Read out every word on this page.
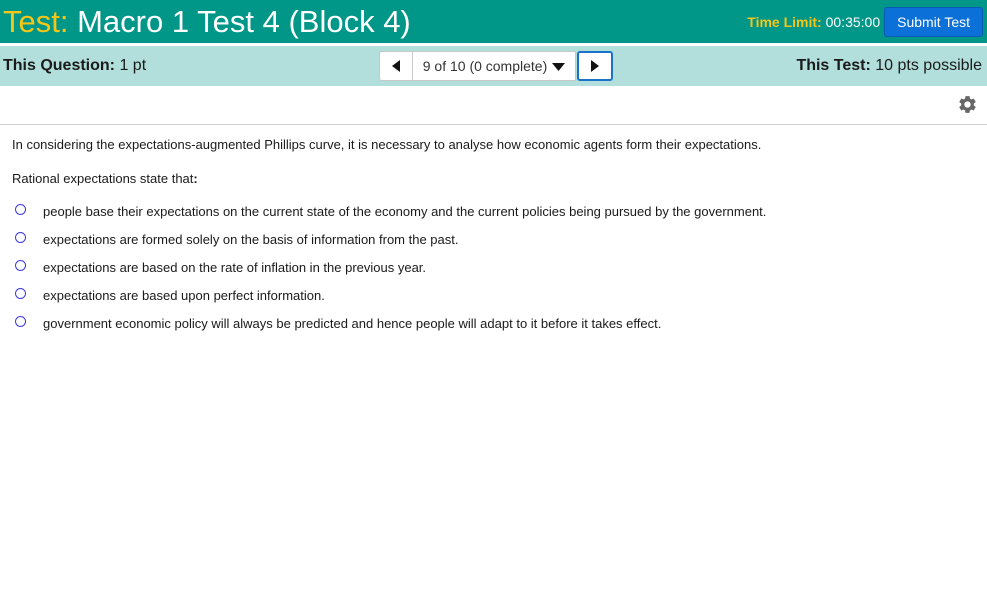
Test: Macro 1 Test 4 (Block 4)	Time Limit: 00:35:00	Submit Test
This Question: 1 pt	9 of 10 (0 complete)	This Test: 10 pts possible

In considering the expectations-augmented Phillips curve, it is necessary to analyse how economic agents form their expectations.

Rational expectations state that:

people base their expectations on the current state of the economy and the current policies being pursued by the government.
expectations are formed solely on the basis of information from the past.
expectations are based on the rate of inflation in the previous year.
expectations are based upon perfect information.
government economic policy will always be predicted and hence people will adapt to it before it takes effect.
